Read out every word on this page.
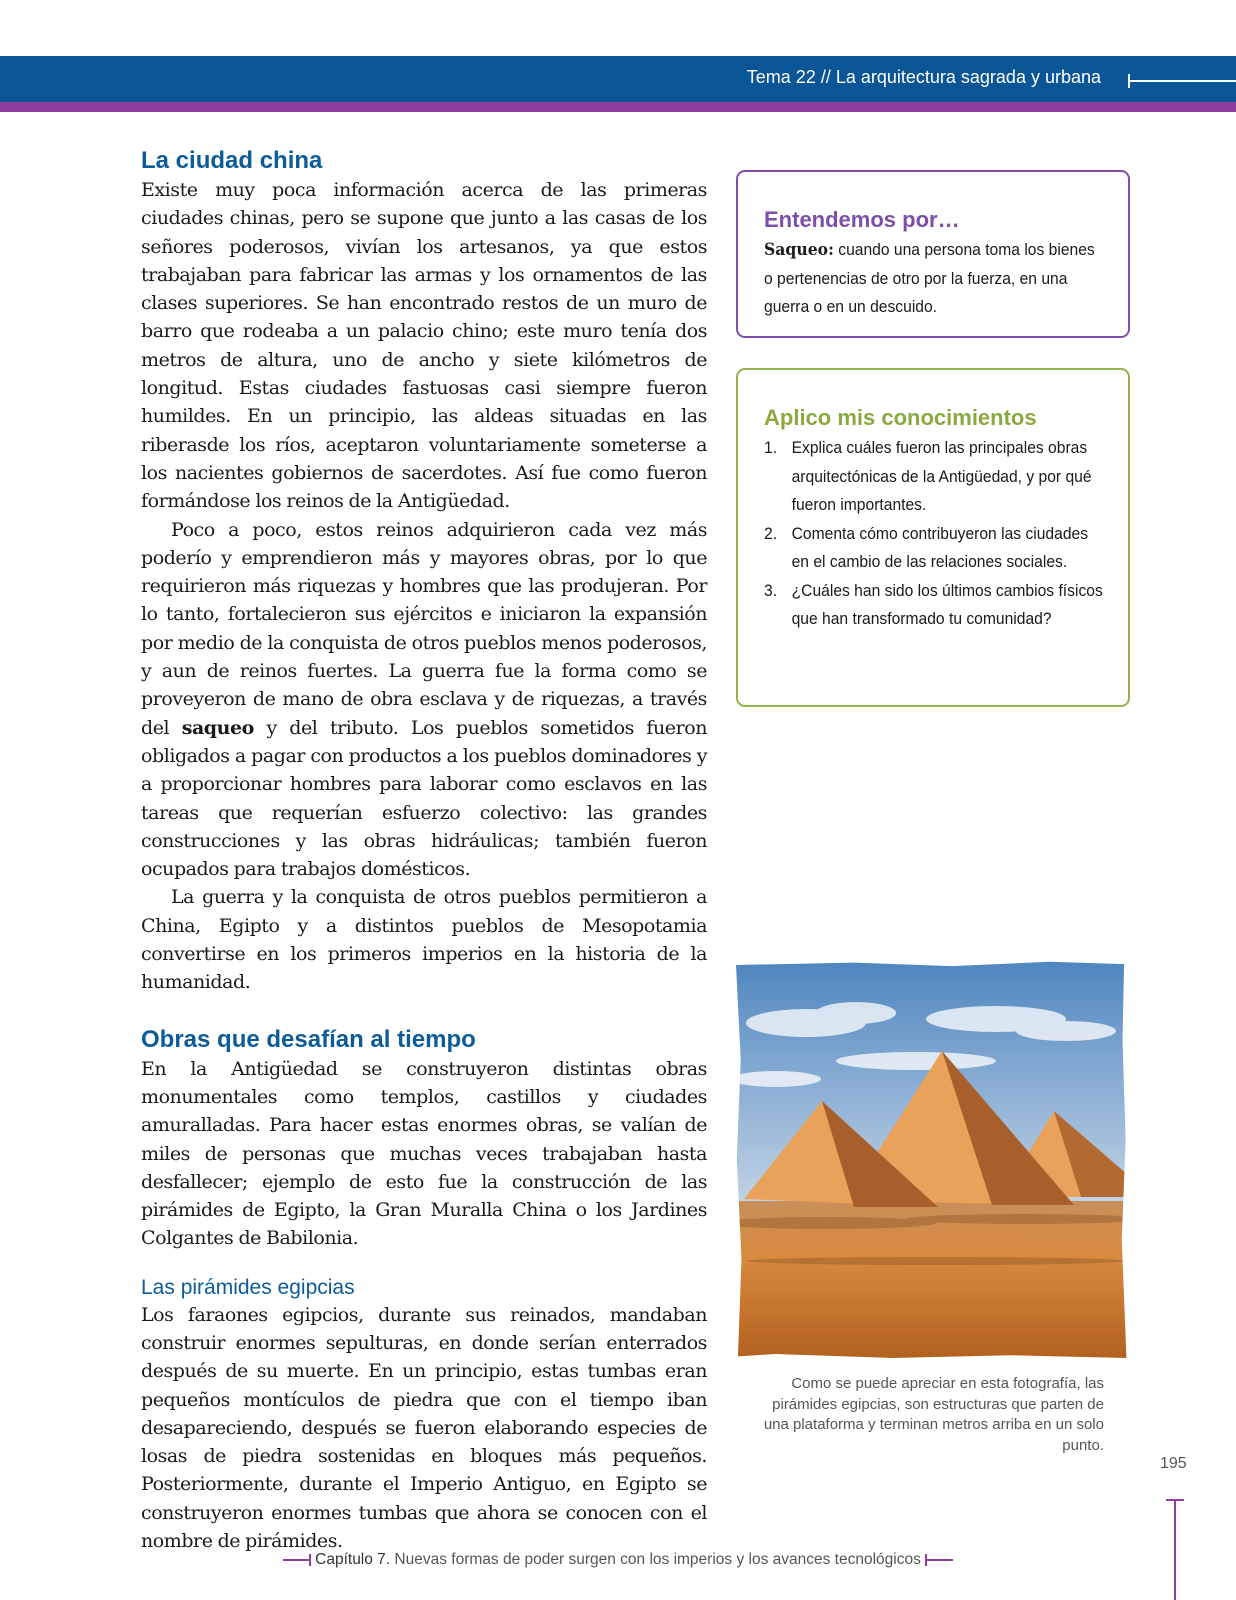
Tema 22 // La arquitectura sagrada y urbana
La ciudad china

Existe muy poca información acerca de las primeras ciudades chinas, pero se supone que junto a las casas de los señores poderosos, vivían los artesanos, ya que estos trabajaban para fabricar las armas y los ornamentos de las clases superiores. Se han encontrado restos de un muro de barro que rodeaba a un palacio chino; este muro tenía dos metros de altura, uno de ancho y siete kilómetros de longitud. Estas ciudades fastuosas casi siempre fueron humildes. En un principio, las aldeas situadas en las riberasde los ríos, aceptaron voluntariamente someterse a los nacientes gobiernos de sacerdotes. Así fue como fueron formándose los reinos de la Antigüedad.

Poco a poco, estos reinos adquirieron cada vez más poderío y emprendieron más y mayores obras, por lo que requirieron más riquezas y hombres que las produjeran. Por lo tanto, fortalecieron sus ejércitos e iniciaron la expansión por medio de la conquista de otros pueblos menos poderosos, y aun de reinos fuertes. La guerra fue la forma como se proveyeron de mano de obra esclava y de riquezas, a través del saqueo y del tributo. Los pueblos sometidos fueron obligados a pagar con productos a los pueblos dominadores y a proporcionar hombres para laborar como esclavos en las tareas que requerían esfuerzo colectivo: las grandes construcciones y las obras hidráulicas; también fueron ocupados para trabajos domésticos.

La guerra y la conquista de otros pueblos permitieron a China, Egipto y a distintos pueblos de Mesopotamia convertirse en los primeros imperios en la historia de la humanidad.

Obras que desafían al tiempo

En la Antigüedad se construyeron distintas obras monumentales como templos, castillos y ciudades amuralladas. Para hacer estas enormes obras, se valían de miles de personas que muchas veces trabajaban hasta desfallecer; ejemplo de esto fue la construcción de las pirámides de Egipto, la Gran Muralla China o los Jardines Colgantes de Babilonia.

Las pirámides egipcias

Los faraones egipcios, durante sus reinados, mandaban construir enormes sepulturas, en donde serían enterrados después de su muerte. En un principio, estas tumbas eran pequeños montículos de piedra que con el tiempo iban desapareciendo, después se fueron elaborando especies de losas de piedra sostenidas en bloques más pequeños. Posteriormente, durante el Imperio Antiguo, en Egipto se construyeron enormes tumbas que ahora se conocen con el nombre de pirámides.

Entendemos por…
Saqueo: cuando una persona toma los bienes o pertenencias de otro por la fuerza, en una guerra o en un descuido.
Aplico mis conocimientos
1. Explica cuáles fueron las principales obras arquitectónicas de la Antigüedad, y por qué fueron importantes.
2. Comenta cómo contribuyeron las ciudades en el cambio de las relaciones sociales.
3. ¿Cuáles han sido los últimos cambios físicos que han transformado tu comunidad?
Como se puede apreciar en esta fotografía, las pirámides egipcias, son estructuras que parten de una plataforma y terminan metros arriba en un solo punto.
195
Capítulo 7. Nuevas formas de poder surgen con los imperios y los avances tecnológicos
